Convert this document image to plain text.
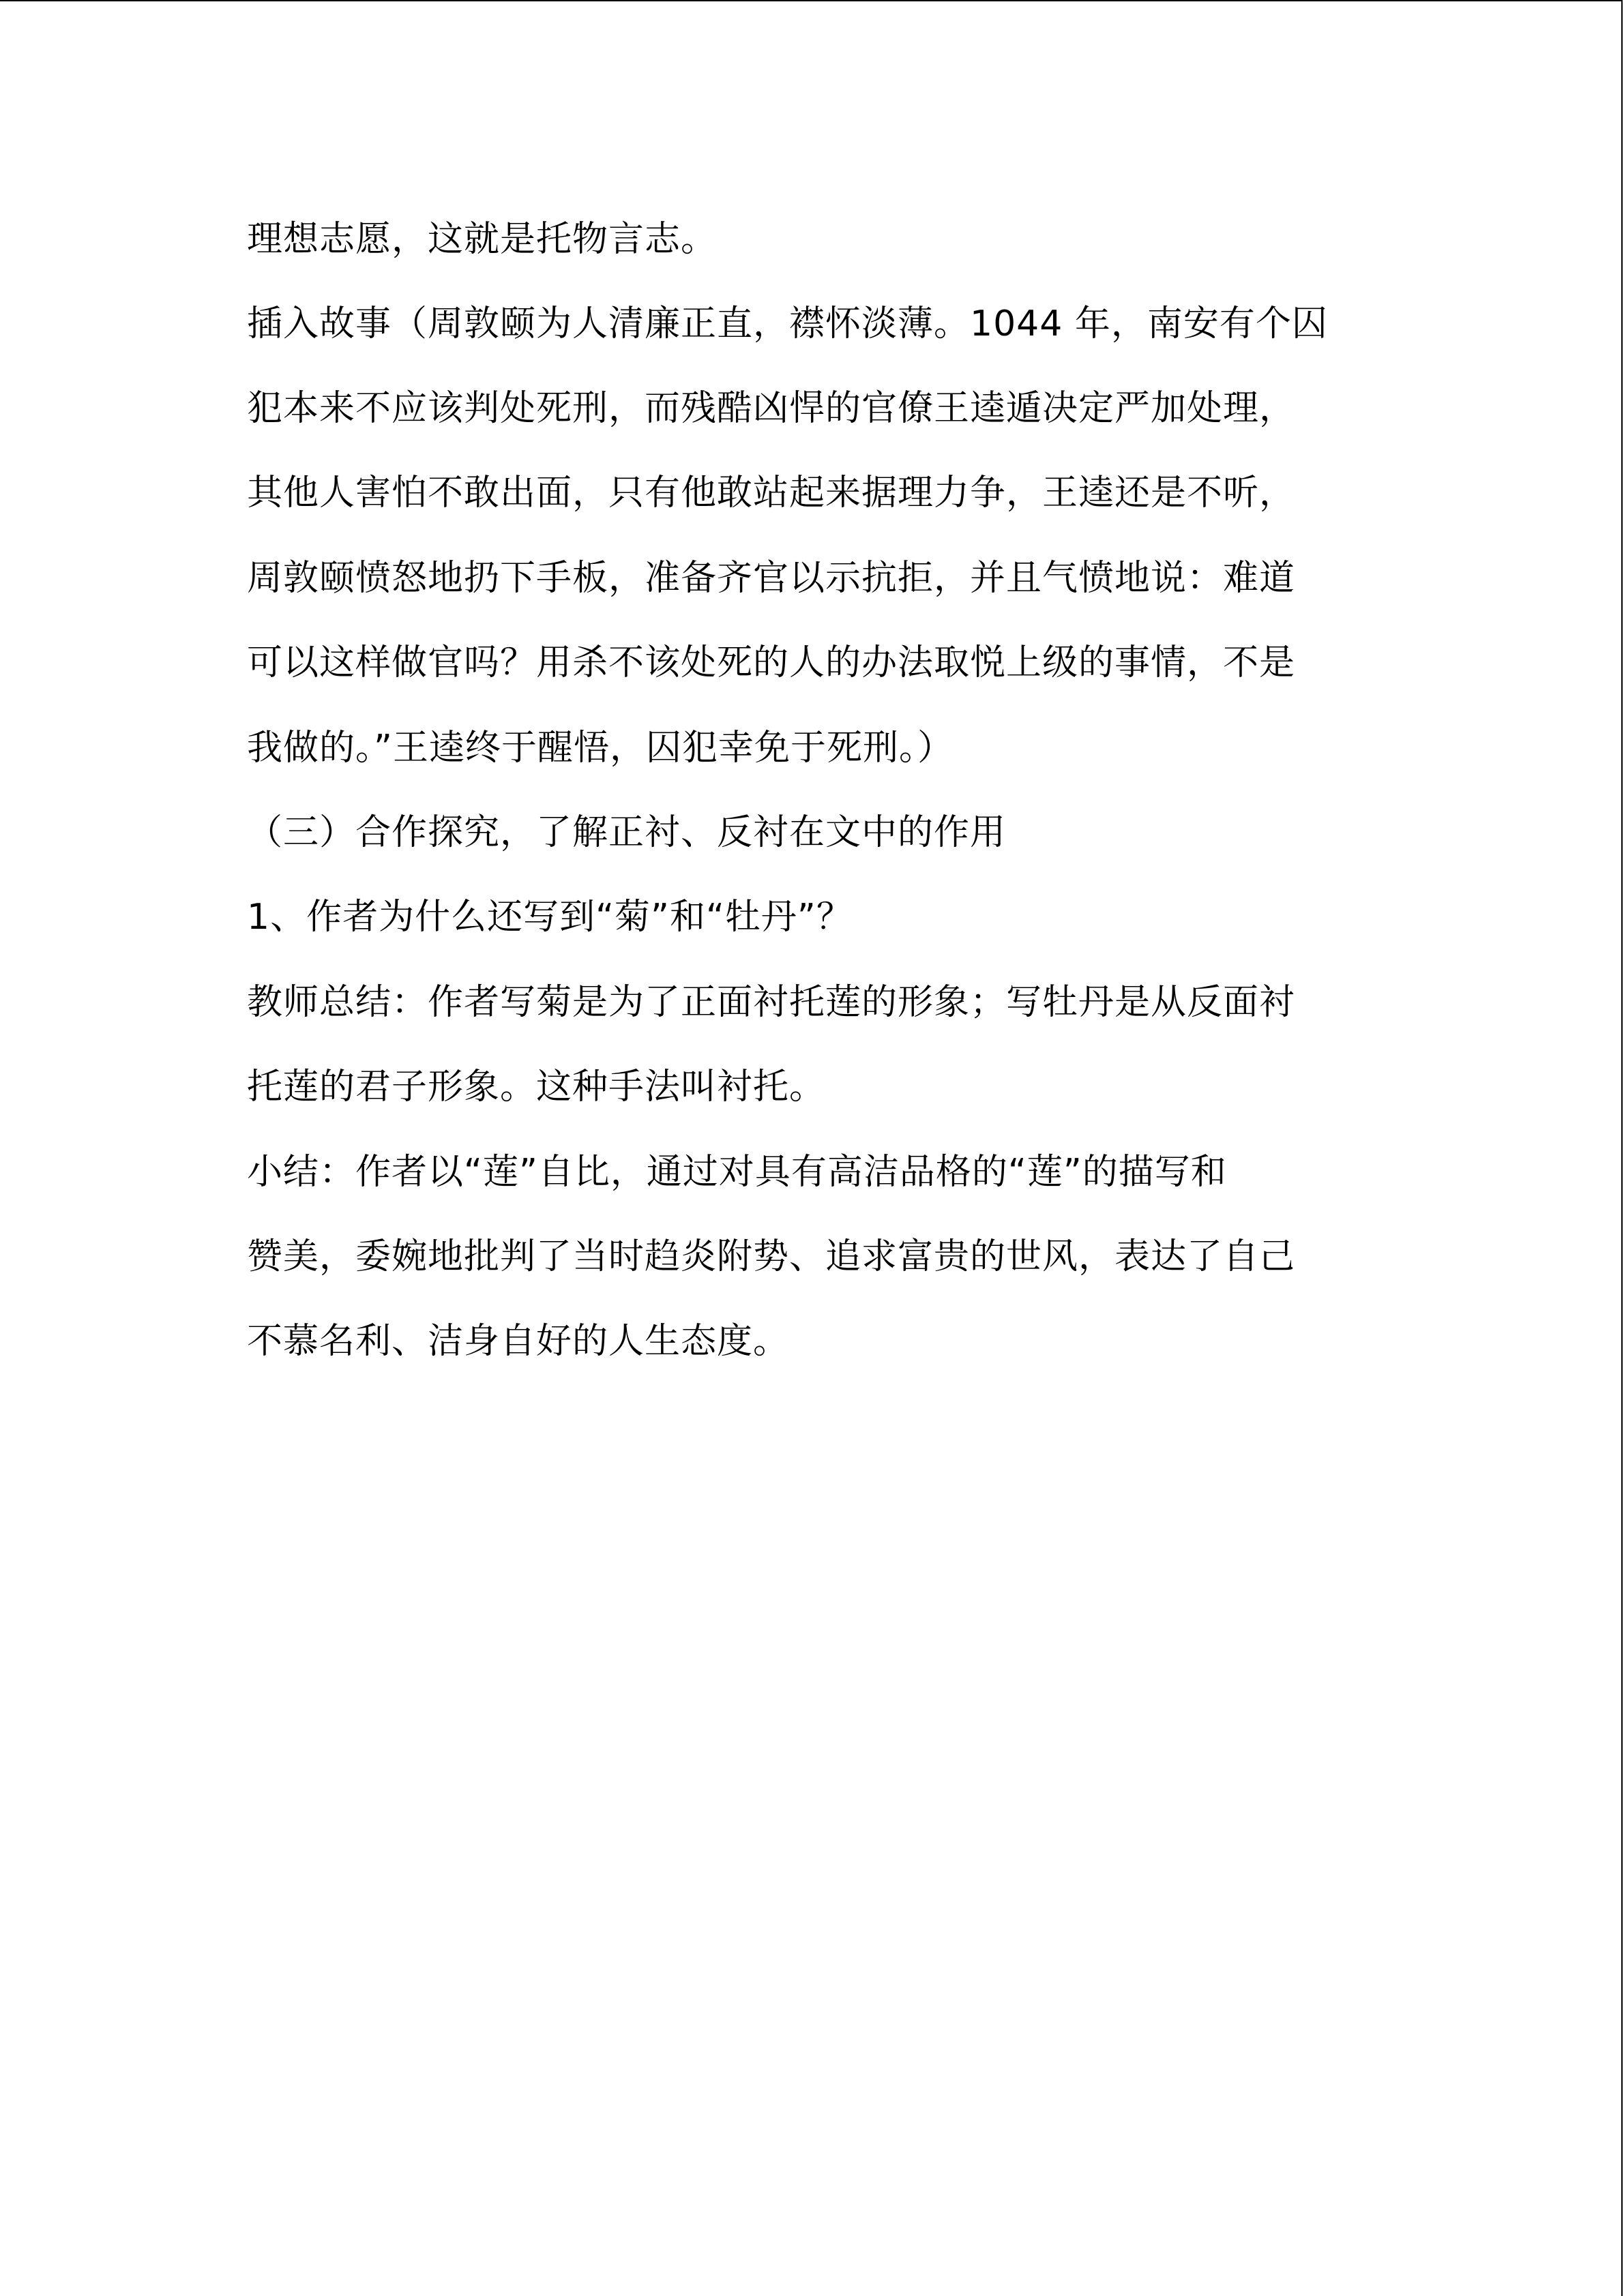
理想志愿，这就是托物言志。
插入故事（周敦颐为人清廉正直，襟怀淡薄。1044 年，南安有个囚
犯本来不应该判处死刑，而残酷凶悍的官僚王逵遁决定严加处理，
其他人害怕不敢出面，只有他敢站起来据理力争，王逵还是不听，
周敦颐愤怒地扔下手板，准备齐官以示抗拒，并且气愤地说：难道
可以这样做官吗？用杀不该处死的人的办法取悦上级的事情，不是
我做的。”王逵终于醒悟，囚犯幸免于死刑。）
（三）合作探究，了解正衬、反衬在文中的作用
1、作者为什么还写到“菊”和“牡丹”？
教师总结：作者写菊是为了正面衬托莲的形象；写牡丹是从反面衬
托莲的君子形象。这种手法叫衬托。
小结：作者以“莲”自比，通过对具有高洁品格的“莲”的描写和
赞美，委婉地批判了当时趋炎附势、追求富贵的世风，表达了自己
不慕名利、洁身自好的人生态度。
